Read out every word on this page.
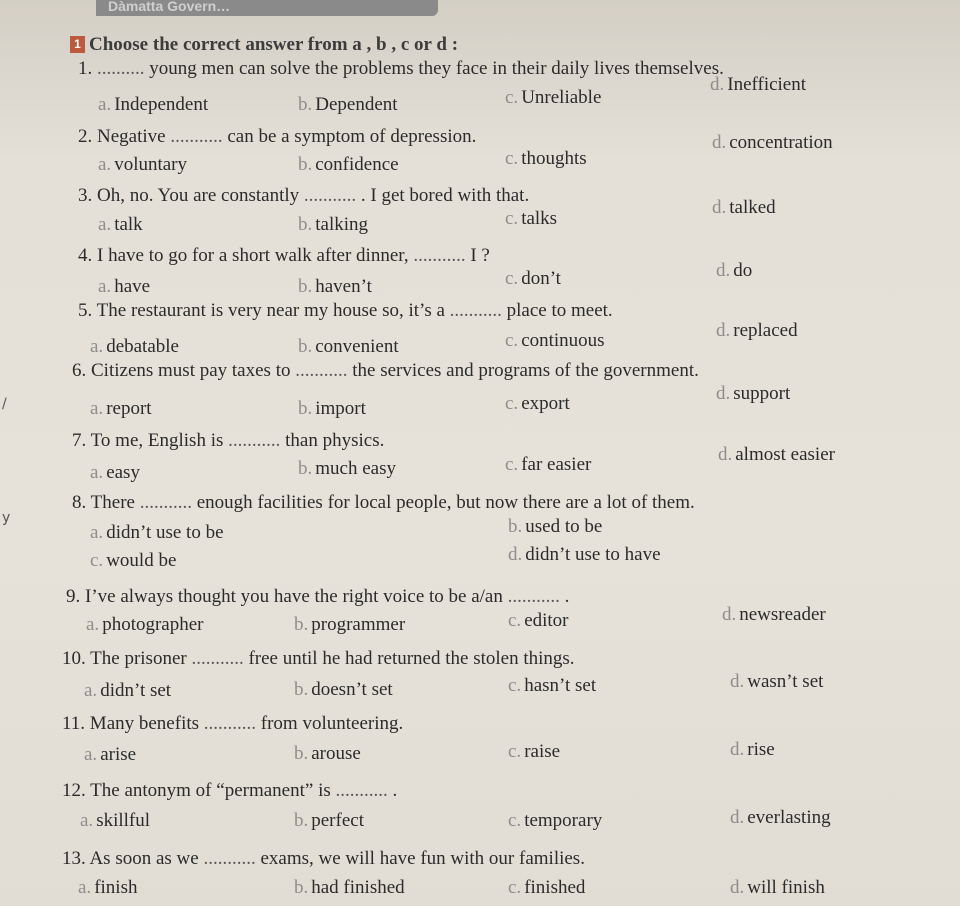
Dàmatta Govern…
1 Choose the correct answer from a , b , c or d :
1. .......... young men can solve the problems they face in their daily lives themselves.
a. Independent	b. Dependent	c. Unreliable
d. Inefficient
2. Negative ........... can be a symptom of depression.
a. voluntary	b. confidence	c. thoughts
d. concentration
3. Oh, no. You are constantly ........... . I get bored with that.
a. talk	b. talking	c. talks
d. talked
4. I have to go for a short walk after dinner, ........... I ?
a. have	b. haven’t	c. don’t	d. do
5. The restaurant is very near my house so, it’s a ........... place to meet.
a. debatable	b. convenient	c. continuous	d. replaced
/
6. Citizens must pay taxes to ........... the services and programs of the government.
a. report	b. import	c. export	d. support
7. To me, English is ........... than physics.
a. easy	b. much easy	c. far easier	d. almost easier
y
8. There ........... enough facilities for local people, but now there are a lot of them.
a. didn’t use to be	b. used to be
c. would be	d. didn’t use to have
9. I’ve always thought you have the right voice to be a/an ........... .
a. photographer	b. programmer	c. editor	d. newsreader
10. The prisoner ........... free until he had returned the stolen things.
a. didn’t set	b. doesn’t set	c. hasn’t set	d. wasn’t set
11. Many benefits ........... from volunteering.
a. arise	b. arouse	c. raise	d. rise
12. The antonym of “permanent” is ........... .
a. skillful	b. perfect	c. temporary	d. everlasting
13. As soon as we ........... exams, we will have fun with our families.
a. finish	b. had finished	c. finished	d. will finish
